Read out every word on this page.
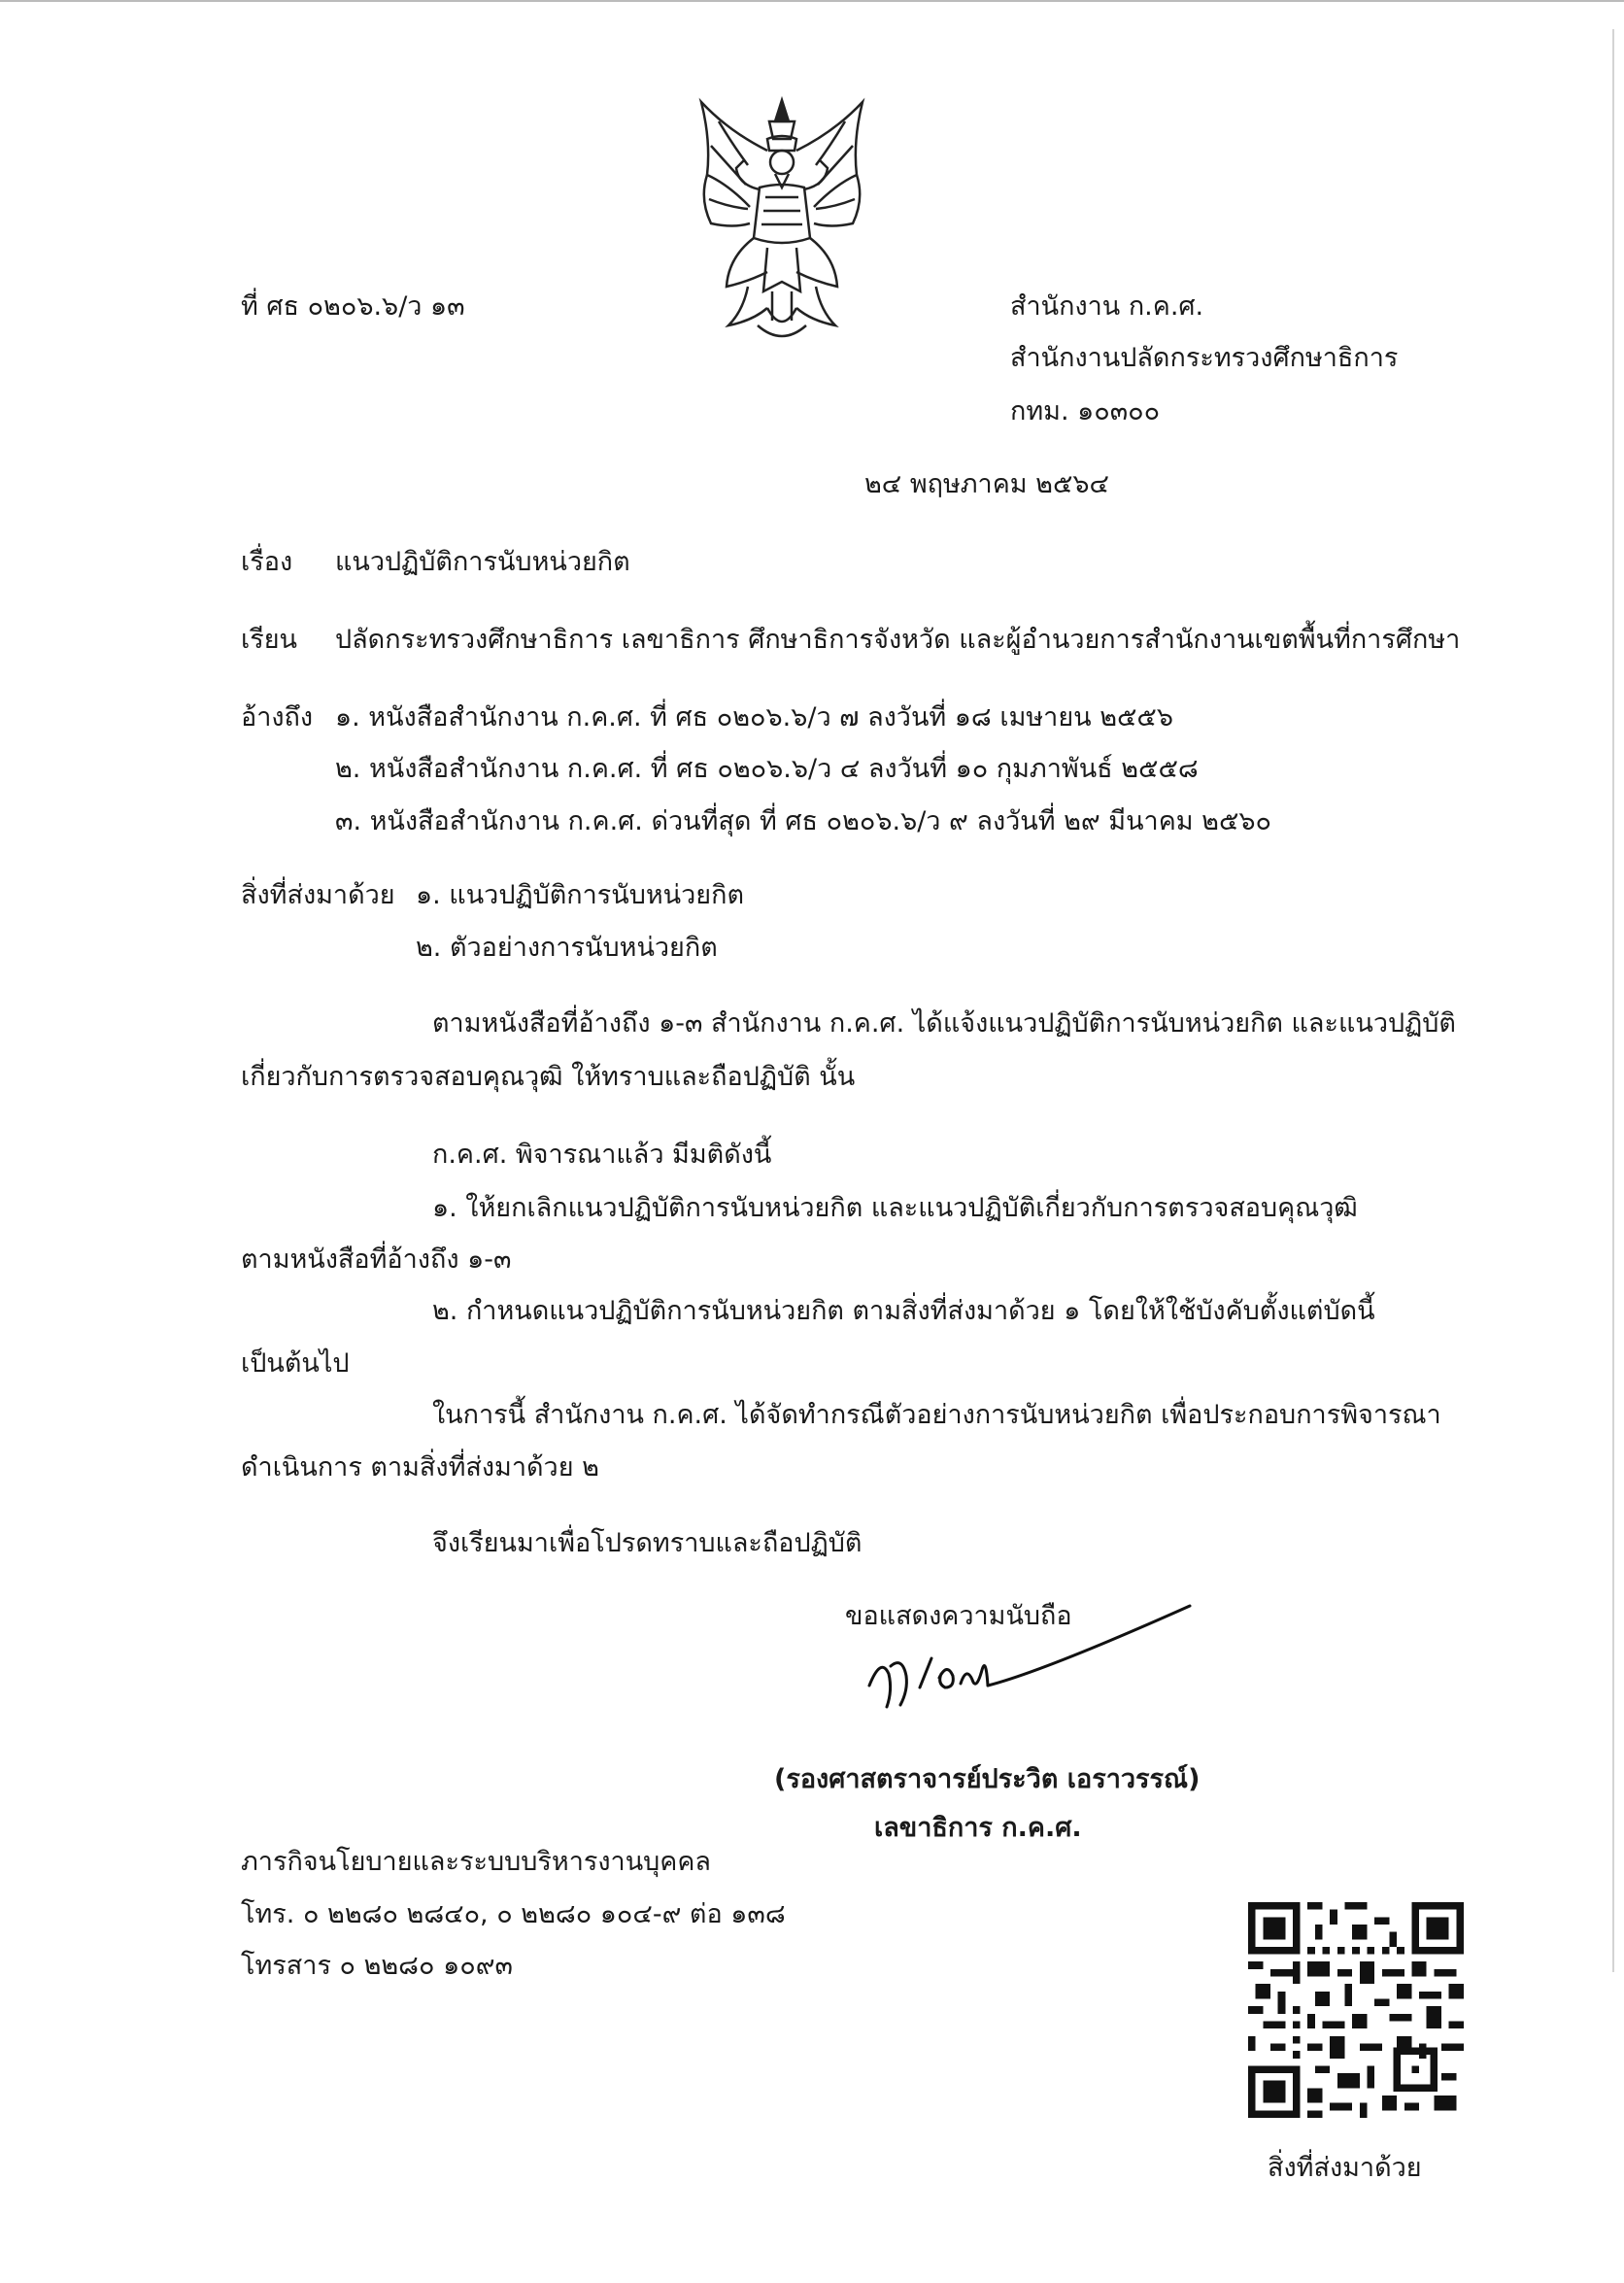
ที่ ศธ ๐๒๐๖.๖/ว ๑๓	สำนักงาน ก.ค.ศ.
สำนักงานปลัดกระทรวงศึกษาธิการ
กทม. ๑๐๓๐๐
๒๔ พฤษภาคม ๒๕๖๔
เรื่อง แนวปฏิบัติการนับหน่วยกิต
เรียน ปลัดกระทรวงศึกษาธิการ เลขาธิการ ศึกษาธิการจังหวัด และผู้อำนวยการสำนักงานเขตพื้นที่การศึกษา
อ้างถึง ๑. หนังสือสำนักงาน ก.ค.ศ. ที่ ศธ ๐๒๐๖.๖/ว ๗ ลงวันที่ ๑๘ เมษายน ๒๕๕๖
๒. หนังสือสำนักงาน ก.ค.ศ. ที่ ศธ ๐๒๐๖.๖/ว ๔ ลงวันที่ ๑๐ กุมภาพันธ์ ๒๕๕๘
๓. หนังสือสำนักงาน ก.ค.ศ. ด่วนที่สุด ที่ ศธ ๐๒๐๖.๖/ว ๙ ลงวันที่ ๒๙ มีนาคม ๒๕๖๐
สิ่งที่ส่งมาด้วย ๑. แนวปฏิบัติการนับหน่วยกิต
๒. ตัวอย่างการนับหน่วยกิต
ตามหนังสือที่อ้างถึง ๑-๓ สำนักงาน ก.ค.ศ. ได้แจ้งแนวปฏิบัติการนับหน่วยกิต และแนวปฏิบัติ
เกี่ยวกับการตรวจสอบคุณวุฒิ ให้ทราบและถือปฏิบัติ นั้น
ก.ค.ศ. พิจารณาแล้ว มีมติดังนี้
๑. ให้ยกเลิกแนวปฏิบัติการนับหน่วยกิต และแนวปฏิบัติเกี่ยวกับการตรวจสอบคุณวุฒิ
ตามหนังสือที่อ้างถึง ๑-๓
๒. กำหนดแนวปฏิบัติการนับหน่วยกิต ตามสิ่งที่ส่งมาด้วย ๑ โดยให้ใช้บังคับตั้งแต่บัดนี้
เป็นต้นไป
ในการนี้ สำนักงาน ก.ค.ศ. ได้จัดทำกรณีตัวอย่างการนับหน่วยกิต เพื่อประกอบการพิจารณา
ดำเนินการ ตามสิ่งที่ส่งมาด้วย ๒
จึงเรียนมาเพื่อโปรดทราบและถือปฏิบัติ
ขอแสดงความนับถือ
(รองศาสตราจารย์ประวิต เอราวรรณ์)
เลขาธิการ ก.ค.ศ.
ภารกิจนโยบายและระบบบริหารงานบุคคล
โทร. ๐ ๒๒๘๐ ๒๘๔๐, ๐ ๒๒๘๐ ๑๐๔-๙ ต่อ ๑๓๘
โทรสาร ๐ ๒๒๘๐ ๑๐๙๓
สิ่งที่ส่งมาด้วย
